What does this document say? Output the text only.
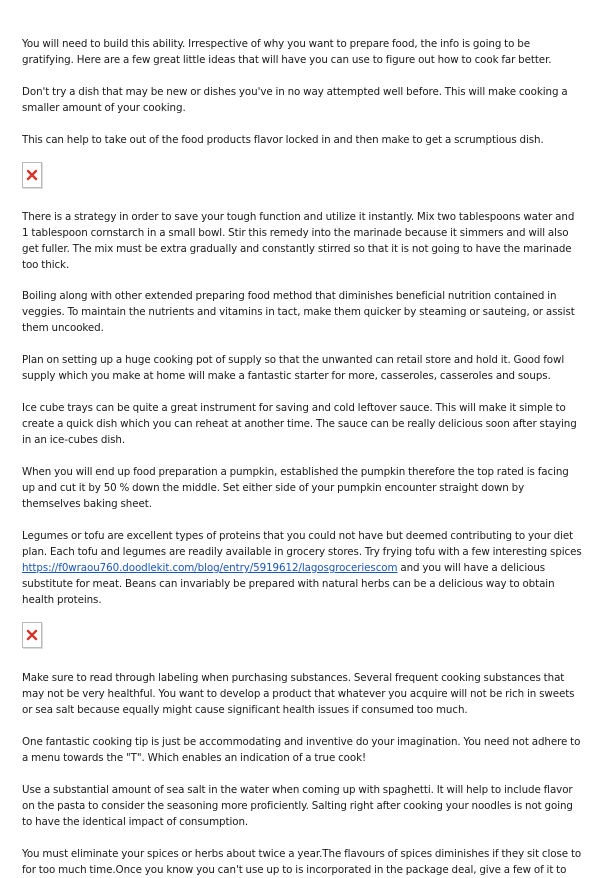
You will need to build this ability. Irrespective of why you want to prepare food, the info is going to be gratifying. Here are a few great little ideas that will have you can use to figure out how to cook far better.

Don't try a dish that may be new or dishes you've in no way attempted well before. This will make cooking a smaller amount of your cooking.

This can help to take out of the food products flavor locked in and then make to get a scrumptious dish.

There is a strategy in order to save your tough function and utilize it instantly. Mix two tablespoons water and 1 tablespoon cornstarch in a small bowl. Stir this remedy into the marinade because it simmers and will also get fuller. The mix must be extra gradually and constantly stirred so that it is not going to have the marinade too thick.

Boiling along with other extended preparing food method that diminishes beneficial nutrition contained in veggies. To maintain the nutrients and vitamins in tact, make them quicker by steaming or sauteing, or assist them uncooked.

Plan on setting up a huge cooking pot of supply so that the unwanted can retail store and hold it. Good fowl supply which you make at home will make a fantastic starter for more, casseroles, casseroles and soups.

Ice cube trays can be quite a great instrument for saving and cold leftover sauce. This will make it simple to create a quick dish which you can reheat at another time. The sauce can be really delicious soon after staying in an ice-cubes dish.

When you will end up food preparation a pumpkin, established the pumpkin therefore the top rated is facing up and cut it by 50 % down the middle. Set either side of your pumpkin encounter straight down by themselves baking sheet.

Legumes or tofu are excellent types of proteins that you could not have but deemed contributing to your diet plan. Each tofu and legumes are readily available in grocery stores. Try frying tofu with a few interesting spices https://f0wraou760.doodlekit.com/blog/entry/5919612/lagosgroceriescom and you will have a delicious substitute for meat. Beans can invariably be prepared with natural herbs can be a delicious way to obtain health proteins.

Make sure to read through labeling when purchasing substances. Several frequent cooking substances that may not be very healthful. You want to develop a product that whatever you acquire will not be rich in sweets or sea salt because equally might cause significant health issues if consumed too much.

One fantastic cooking tip is just be accommodating and inventive do your imagination. You need not adhere to a menu towards the "T". Which enables an indication of a true cook!

Use a substantial amount of sea salt in the water when coming up with spaghetti. It will help to include flavor on the pasta to consider the seasoning more proficiently. Salting right after cooking your noodles is not going to have the identical impact of consumption.

You must eliminate your spices or herbs about twice a year.The flavours of spices diminishes if they sit close to for too much time.Once you know you can't use up to is incorporated in the package deal, give a few of it to
